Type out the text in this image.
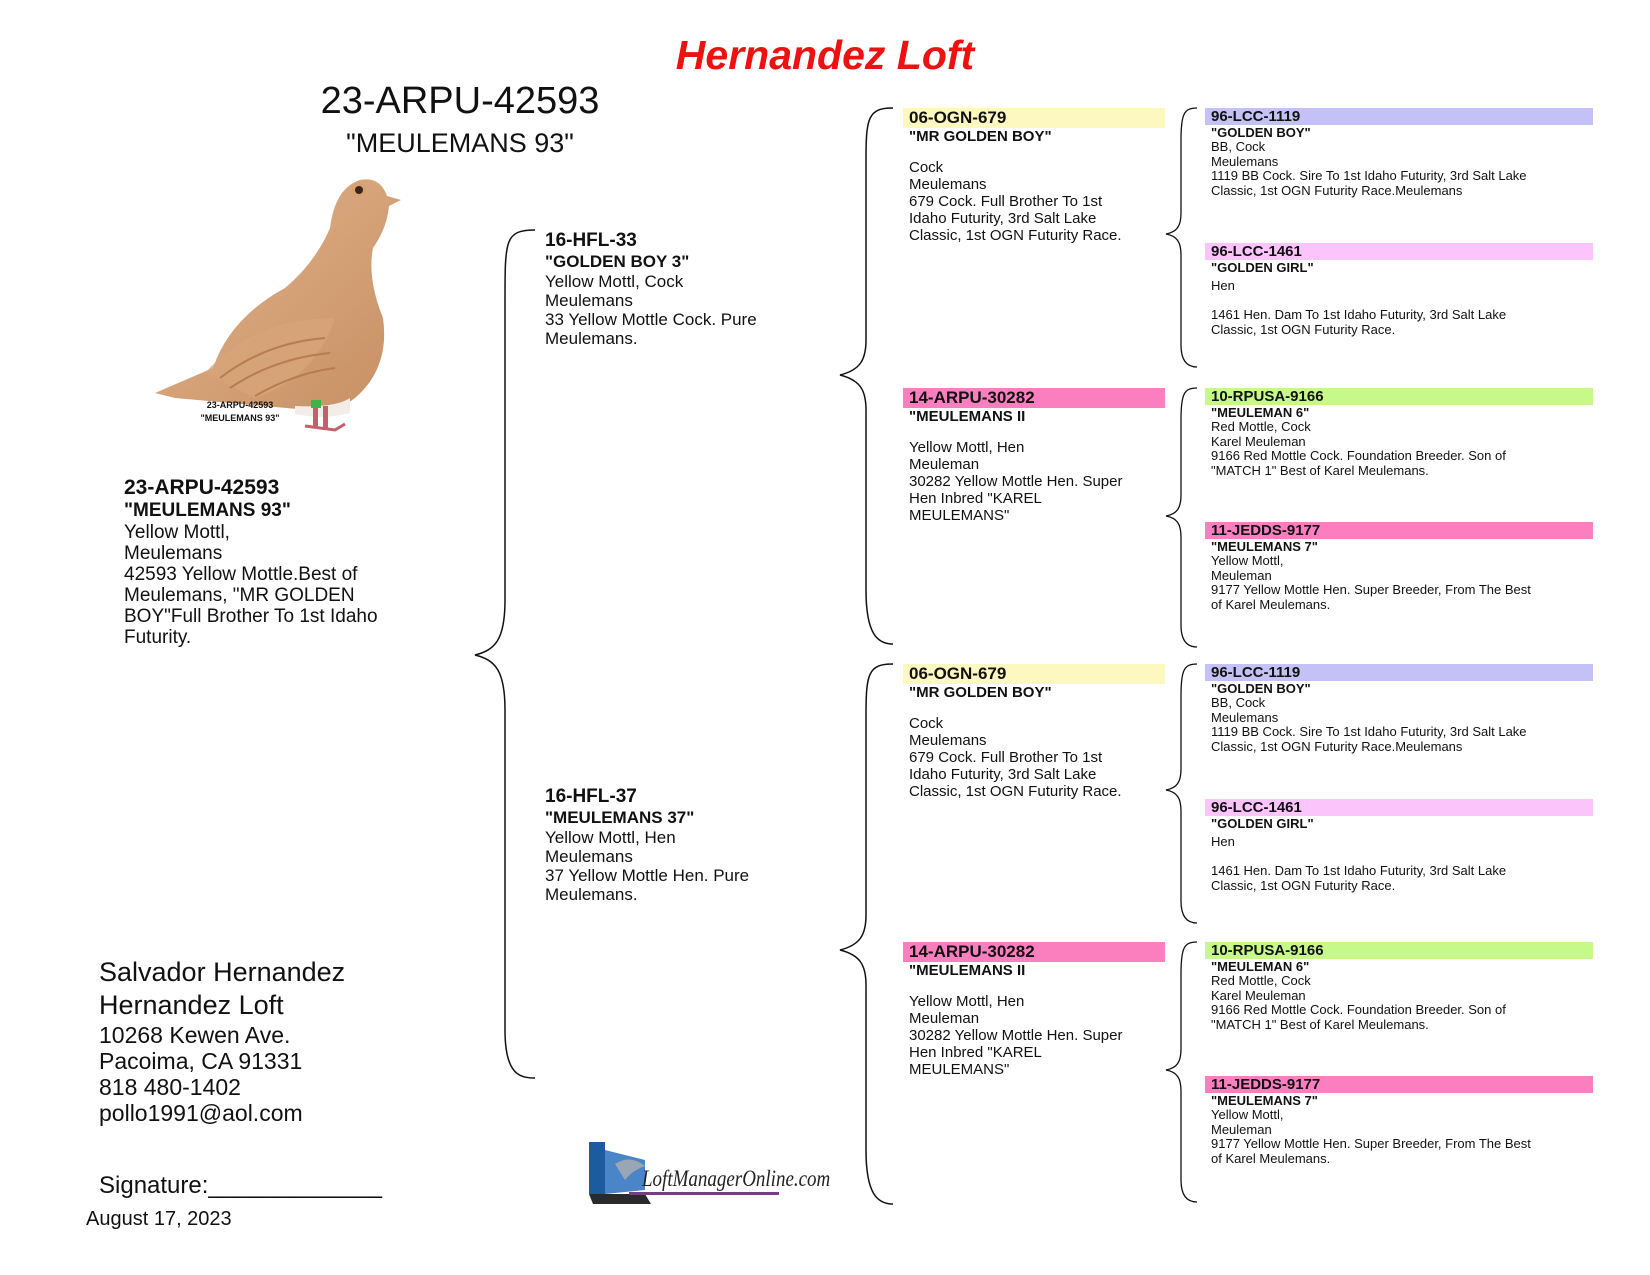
Hernandez Loft
23-ARPU-42593
"MEULEMANS 93"
23-ARPU-42593
"MEULEMANS 93"
23-ARPU-42593
"MEULEMANS 93"
Yellow Mottl,
Meulemans
42593 Yellow Mottle.Best of
Meulemans, "MR GOLDEN
BOY"Full Brother To 1st Idaho
Futurity.
16-HFL-33
"GOLDEN BOY 3"
Yellow Mottl, Cock
Meulemans
33 Yellow Mottle Cock. Pure
Meulemans.
16-HFL-37
"MEULEMANS 37"
Yellow Mottl, Hen
Meulemans
37 Yellow Mottle Hen. Pure
Meulemans.
06-OGN-679
"MR GOLDEN BOY"
Cock
Meulemans
679 Cock. Full Brother To 1st
Idaho Futurity, 3rd Salt Lake
Classic, 1st OGN Futurity Race.
14-ARPU-30282
"MEULEMANS II
Yellow Mottl, Hen
Meuleman
30282 Yellow Mottle Hen. Super
Hen Inbred "KAREL
MEULEMANS"
06-OGN-679
"MR GOLDEN BOY"
Cock
Meulemans
679 Cock. Full Brother To 1st
Idaho Futurity, 3rd Salt Lake
Classic, 1st OGN Futurity Race.
14-ARPU-30282
"MEULEMANS II
Yellow Mottl, Hen
Meuleman
30282 Yellow Mottle Hen. Super
Hen Inbred "KAREL
MEULEMANS"
96-LCC-1119
"GOLDEN BOY"
BB, Cock
Meulemans
1119 BB Cock. Sire To 1st Idaho Futurity, 3rd Salt Lake
Classic, 1st OGN Futurity Race.Meulemans
96-LCC-1461
"GOLDEN GIRL"
Hen

1461 Hen. Dam To 1st Idaho Futurity, 3rd Salt Lake
Classic, 1st OGN Futurity Race.
10-RPUSA-9166
"MEULEMAN 6"
Red Mottle, Cock
Karel Meuleman
9166 Red Mottle Cock. Foundation Breeder. Son of
"MATCH 1" Best of Karel Meulemans.
11-JEDDS-9177
"MEULEMANS 7"
Yellow Mottl,
Meuleman
9177 Yellow Mottle Hen. Super Breeder, From The Best
of Karel Meulemans.
96-LCC-1119
"GOLDEN BOY"
BB, Cock
Meulemans
1119 BB Cock. Sire To 1st Idaho Futurity, 3rd Salt Lake
Classic, 1st OGN Futurity Race.Meulemans
96-LCC-1461
"GOLDEN GIRL"
Hen

1461 Hen. Dam To 1st Idaho Futurity, 3rd Salt Lake
Classic, 1st OGN Futurity Race.
10-RPUSA-9166
"MEULEMAN 6"
Red Mottle, Cock
Karel Meuleman
9166 Red Mottle Cock. Foundation Breeder. Son of
"MATCH 1" Best of Karel Meulemans.
11-JEDDS-9177
"MEULEMANS 7"
Yellow Mottl,
Meuleman
9177 Yellow Mottle Hen. Super Breeder, From The Best
of Karel Meulemans.
Salvador Hernandez
Hernandez Loft
10268 Kewen Ave.
Pacoima, CA 91331
818 480-1402
pollo1991@aol.com
Signature:_____________
August 17, 2023
LoftManagerOnline.com
